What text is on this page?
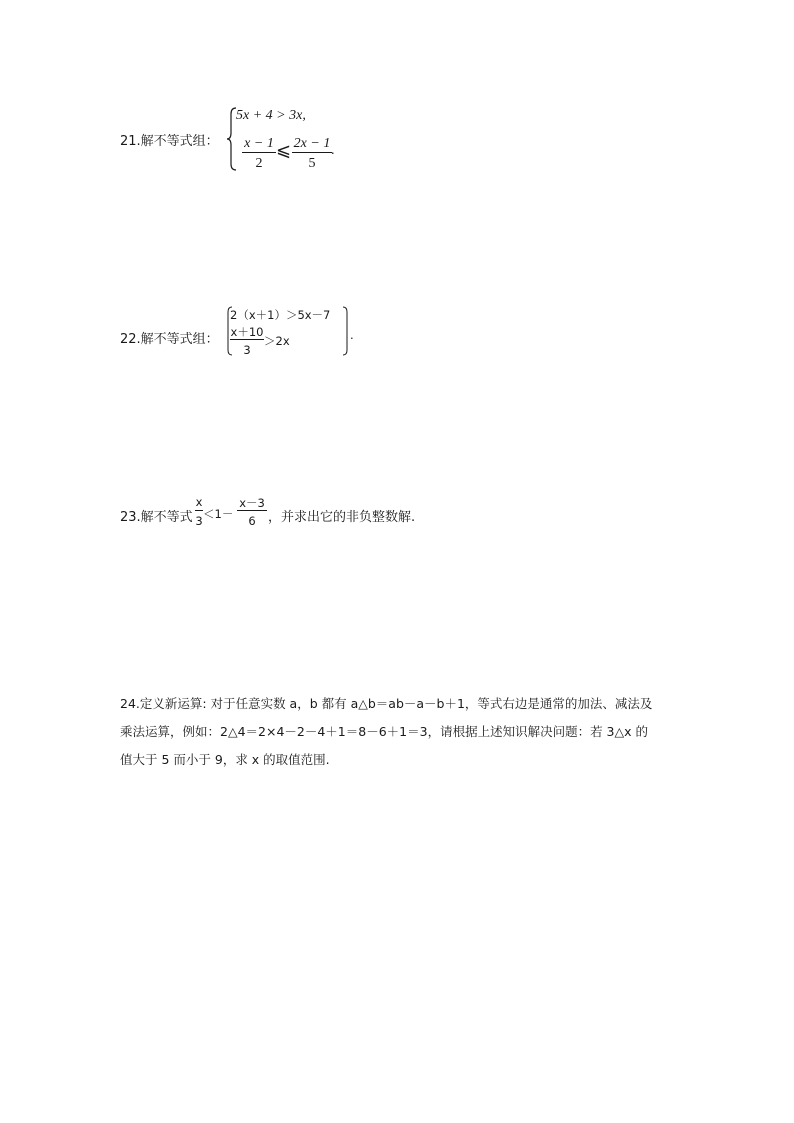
21.解不等式组：
5x + 4 > 3x,
x − 1
2
⩽ 2x − 1
5
.
22.解不等式组：
2（x＋1）＞5x－7
x＋10
3
＞2x	.
23.解不等式
x
3 ＜1－
x－3
6 ，并求出它的非负整数解.
24.定义新运算: 对于任意实数 a，b 都有 a△b＝ab－a－b＋1，等式右边是通常的加法、减法及
乘法运算，例如：2△4＝2×4－2－4＋1＝8－6＋1＝3，请根据上述知识解决问题：若 3△x 的
值大于 5 而小于 9，求 x 的取值范围.
